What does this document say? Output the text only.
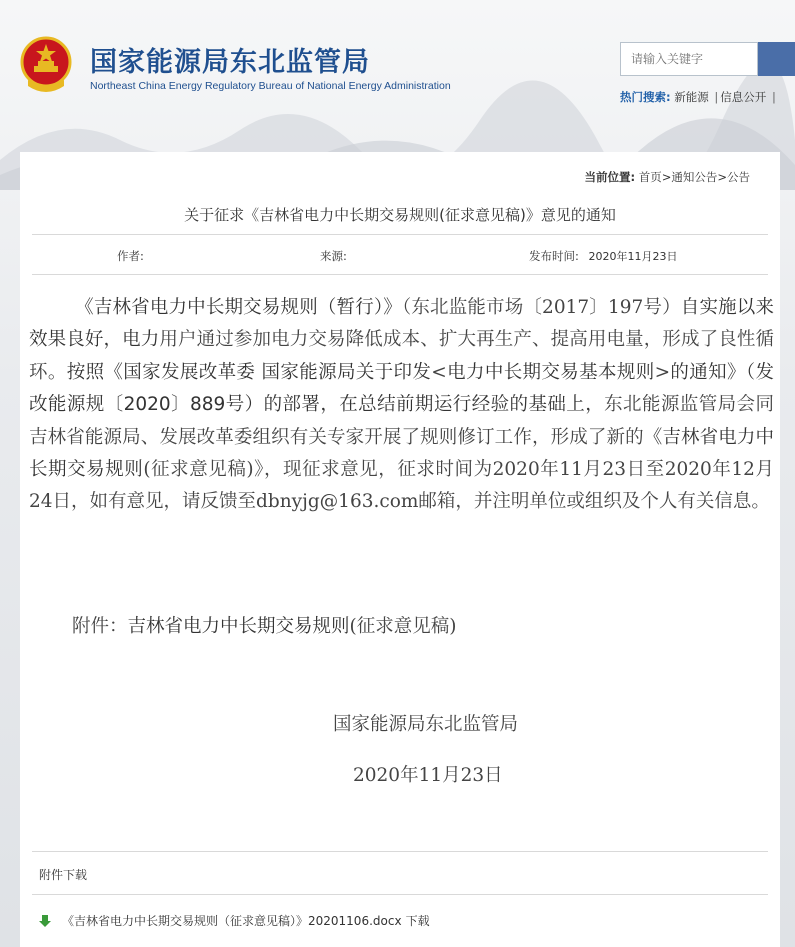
国家能源局东北监管局
Northeast China Energy Regulatory Bureau of National Energy Administration
请输入关键字
热门搜索: 新能源 | 信息公开 |
当前位置: 首页>通知公告>公告
关于征求《吉林省电力中长期交易规则(征求意见稿)》意见的通知
作者:	来源:	发布时间: 2020年11月23日
《吉林省电力中长期交易规则（暂行）》（东北监能市场〔2017〕197号）自实施以来效果良好，电力用户通过参加电力交易降低成本、扩大再生产、提高用电量，形成了良性循环。按照《国家发展改革委 国家能源局关于印发<电力中长期交易基本规则>的通知》（发改能源规〔2020〕889号）的部署，在总结前期运行经验的基础上，东北能源监管局会同吉林省能源局、发展改革委组织有关专家开展了规则修订工作，形成了新的《吉林省电力中长期交易规则(征求意见稿)》，现征求意见，征求时间为2020年11月23日至2020年12月24日，如有意见，请反馈至dbnyjg@163.com邮箱，并注明单位或组织及个人有关信息。
附件：吉林省电力中长期交易规则(征求意见稿)
国家能源局东北监管局
2020年11月23日
附件下载
《吉林省电力中长期交易规则（征求意见稿）》20201106.docx 下载
